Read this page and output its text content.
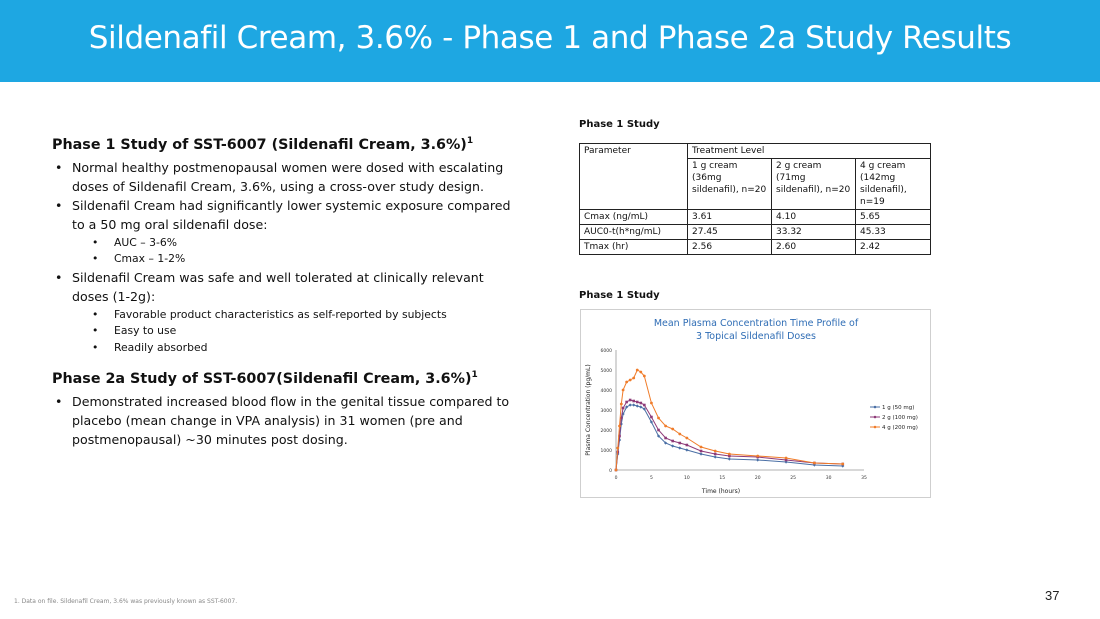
Sildenafil Cream, 3.6% - Phase 1 and Phase 2a Study Results
Phase 1 Study of SST-6007 (Sildenafil Cream, 3.6%)$^1$
• Normal healthy postmenopausal women were dosed with escalating doses of Sildenafil Cream, 3.6%, using a cross-over study design.
• Sildenafil Cream had significantly lower systemic exposure compared to a 50 mg oral sildenafil dose:
• AUC – 3-6%
• Cmax – 1-2%
• Sildenafil Cream was safe and well tolerated at clinically relevant doses (1-2g):
• Favorable product characteristics as self-reported by subjects
• Easy to use
• Readily absorbed
Phase 2a Study of SST-6007(Sildenafil Cream, 3.6%)$^1$
• Demonstrated increased blood flow in the genital tissue compared to placebo (mean change in VPA analysis) in 31 women (pre and postmenopausal) ~30 minutes post dosing.
Phase 1 Study
Parameter	Treatment Level		
	1 g cream (36mg sildenafil), n=20	2 g cream (71mg sildenafil), n=20	4 g cream (142mg sildenafil), n=19
Cmax (ng/mL)	3.61	4.10	5.65
AUC0-t(h*ng/mL)	27.45	33.32	45.33
Tmax (hr)	2.56	2.60	2.42
Phase 1 Study
Mean Plasma Concentration Time Profile of
3 Topical Sildenafil Doses
0
1000
2000
3000
4000
5000
6000
0	5	10	15	20	25	30	35
Time (hours)
Plasma Concentration (pg/mL)	1 g (50 mg)
2 g (100 mg)
4 g (200 mg)
1. Data on file. Sildenafil Cream, 3.6% was previously known as SST-6007.	37
